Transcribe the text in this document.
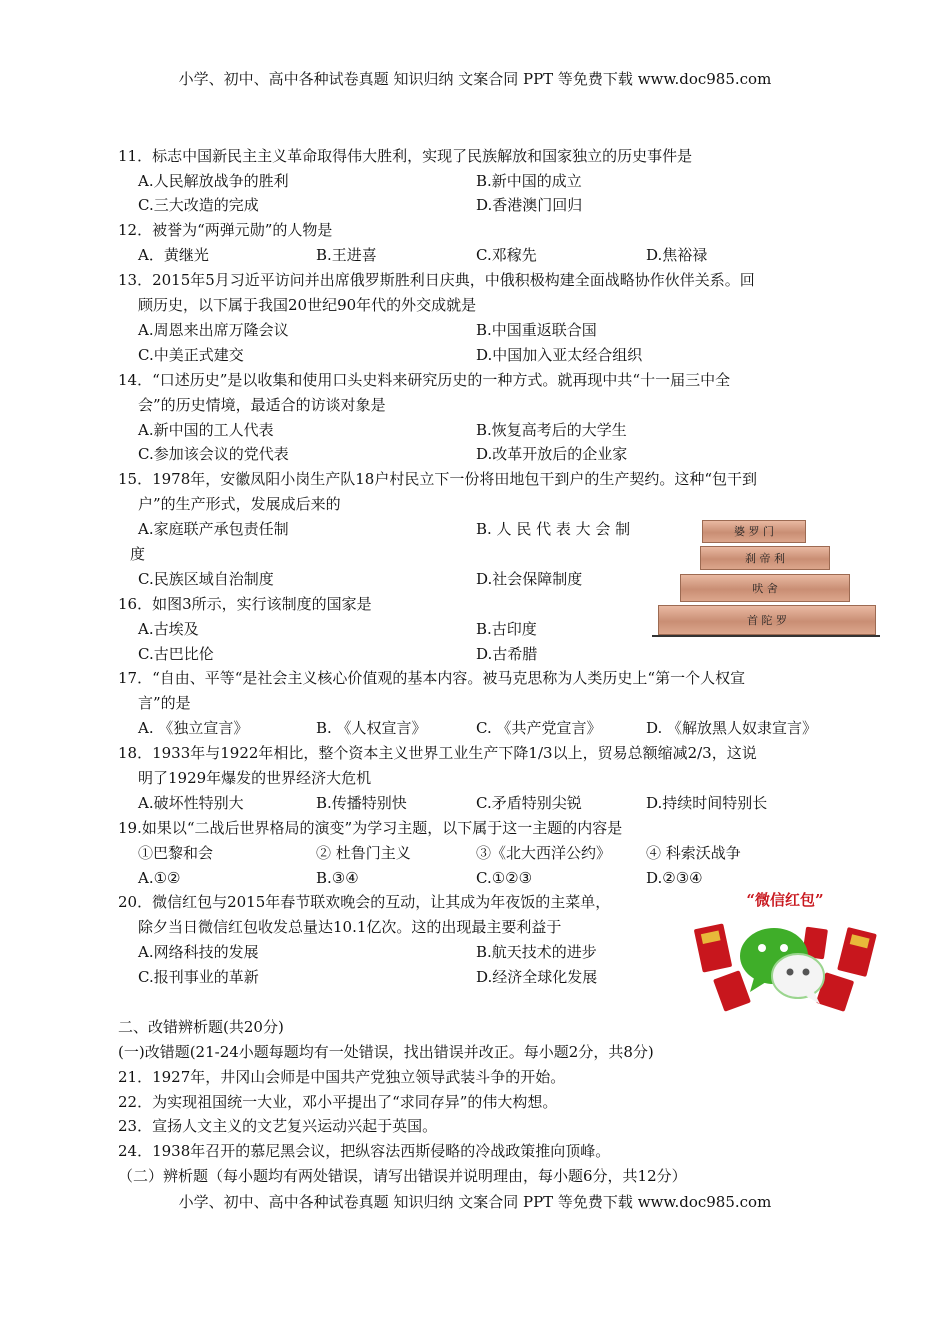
小学、初中、高中各种试卷真题 知识归纳 文案合同 PPT 等免费下载 www.doc985.com
11．标志中国新民主主义革命取得伟大胜利，实现了民族解放和国家独立的历史事件是
A.人民解放战争的胜利	B.新中国的成立
C.三大改造的完成	D.香港澳门回归
12．被誉为“两弹元勋”的人物是
A．黄继光	B.王进喜	C.邓稼先	D.焦裕禄
13．2015年5月习近平访问并出席俄罗斯胜利日庆典，中俄积极构建全面战略协作伙伴关系。回
顾历史，以下属于我国20世纪90年代的外交成就是
A.周恩来出席万隆会议	B.中国重返联合国
C.中美正式建交	D.中国加入亚太经合组织
14．“口述历史”是以收集和使用口头史料来研究历史的一种方式。就再现中共“十一届三中全
会”的历史情境，最适合的访谈对象是
A.新中国的工人代表	B.恢复高考后的大学生
C.参加该会议的党代表	D.改革开放后的企业家
15．1978年，安徽凤阳小岗生产队18户村民立下一份将田地包干到户的生产契约。这种“包干到
户”的生产形式，发展成后来的
A.家庭联产承包责任制	B. 人 民 代 表 大 会 制
度
C.民族区域自治制度	D.社会保障制度
婆 罗 门
刹 帝 利
吠 舍
首 陀 罗
16．如图3所示，实行该制度的国家是
A.古埃及	B.古印度
C.古巴比伦	D.古希腊
17．“自由、平等“是社会主义核心价值观的基本内容。被马克思称为人类历史上“第一个人权宣
言”的是
A. 《独立宣言》	B. 《人权宣言》	C. 《共产党宣言》	D. 《解放黑人奴隶宣言》
18．1933年与1922年相比，整个资本主义世界工业生产下降1/3以上，贸易总额缩减2/3，这说
明了1929年爆发的世界经济大危机
A.破坏性特别大	B.传播特别快	C.矛盾特别尖锐	D.持续时间特别长
19.如果以“二战后世界格局的演变”为学习主题，以下属于这一主题的内容是
①巴黎和会	② 杜鲁门主义	③《北大西洋公约》 ④ 科索沃战争
A.①②	B.③④	C.①②③	D.②③④
20．微信红包与2015年春节联欢晚会的互动，让其成为年夜饭的主菜单，
除夕当日微信红包收发总量达10.1亿次。这的出现最主要利益于
A.网络科技的发展	B.航天技术的进步
C.报刊事业的革新	D.经济全球化发展
“微信红包”
二、改错辨析题(共20分)
(一)改错题(21-24小题每题均有一处错误，找出错误并改正。每小题2分，共8分)
21．1927年，井冈山会师是中国共产党独立领导武装斗争的开始。
22．为实现祖国统一大业，邓小平提出了“求同存异”的伟大构想。
23．宣扬人文主义的文艺复兴运动兴起于英国。
24．1938年召开的慕尼黑会议，把纵容法西斯侵略的冷战政策推向顶峰。
（二）辨析题（每小题均有两处错误，请写出错误并说明理由，每小题6分，共12分）
小学、初中、高中各种试卷真题 知识归纳 文案合同 PPT 等免费下载 www.doc985.com
